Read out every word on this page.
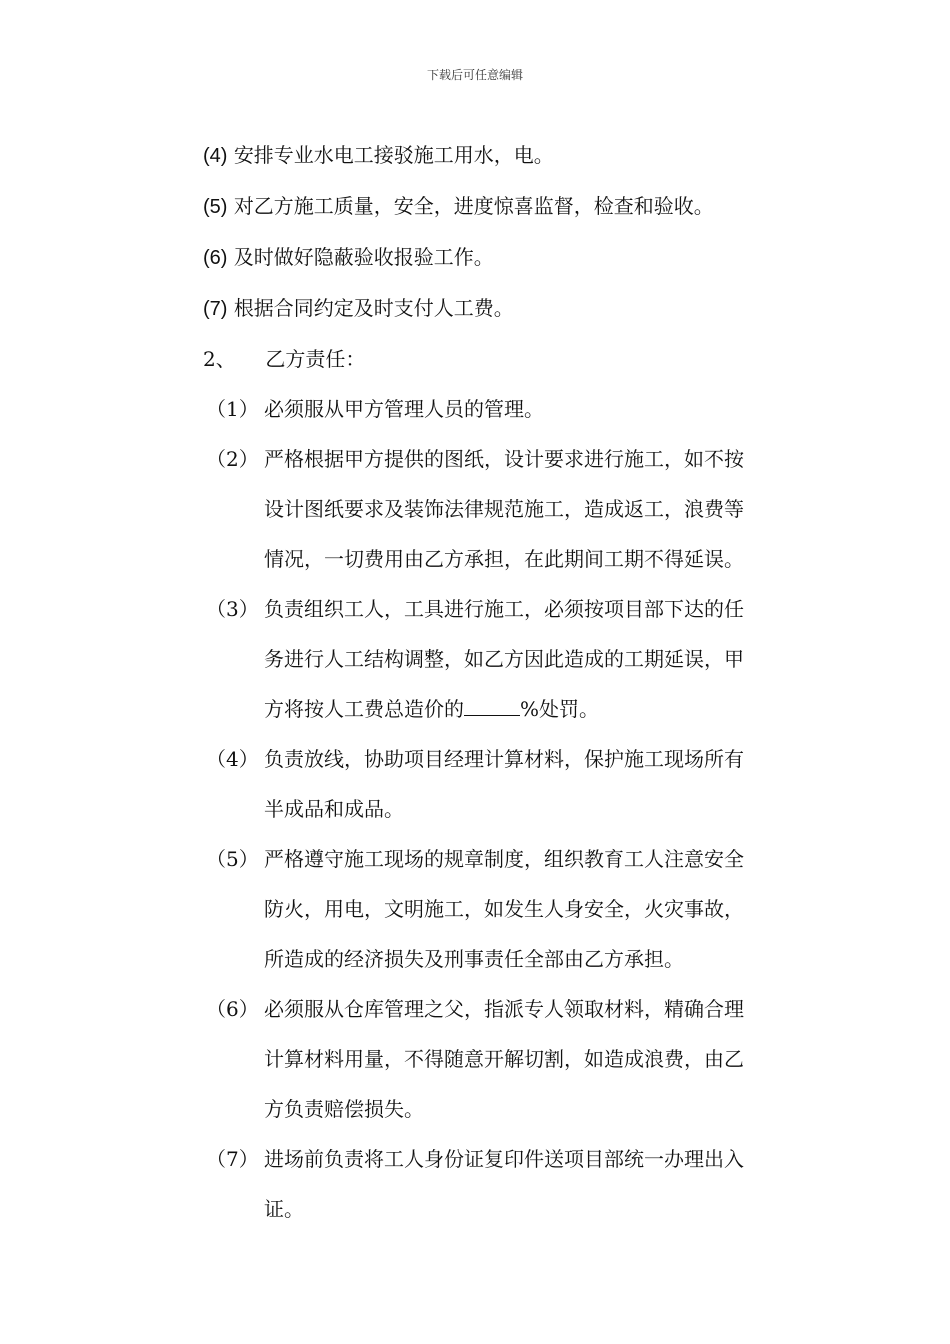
下载后可任意编辑
(4) 安排专业水电工接驳施工用水，电。
(5) 对乙方施工质量，安全，进度惊喜监督，检查和验收。
(6) 及时做好隐蔽验收报验工作。
(7) 根据合同约定及时支付人工费。
2、 乙方责任：
（1） 必须服从甲方管理人员的管理。
（2） 严格根据甲方提供的图纸，设计要求进行施工，如不按
设计图纸要求及装饰法律规范施工，造成返工，浪费等
情况，一切费用由乙方承担，在此期间工期不得延误。
（3） 负责组织工人，工具进行施工，必须按项目部下达的任
务进行人工结构调整，如乙方因此造成的工期延误，甲
方将按人工费总造价的	%处罚。
（4） 负责放线，协助项目经理计算材料，保护施工现场所有
半成品和成品。
（5） 严格遵守施工现场的规章制度，组织教育工人注意安全
防火，用电，文明施工，如发生人身安全，火灾事故，
所造成的经济损失及刑事责任全部由乙方承担。
（6） 必须服从仓库管理之父，指派专人领取材料，精确合理
计算材料用量，不得随意开解切割，如造成浪费，由乙
方负责赔偿损失。
（7） 进场前负责将工人身份证复印件送项目部统一办理出入
证。
